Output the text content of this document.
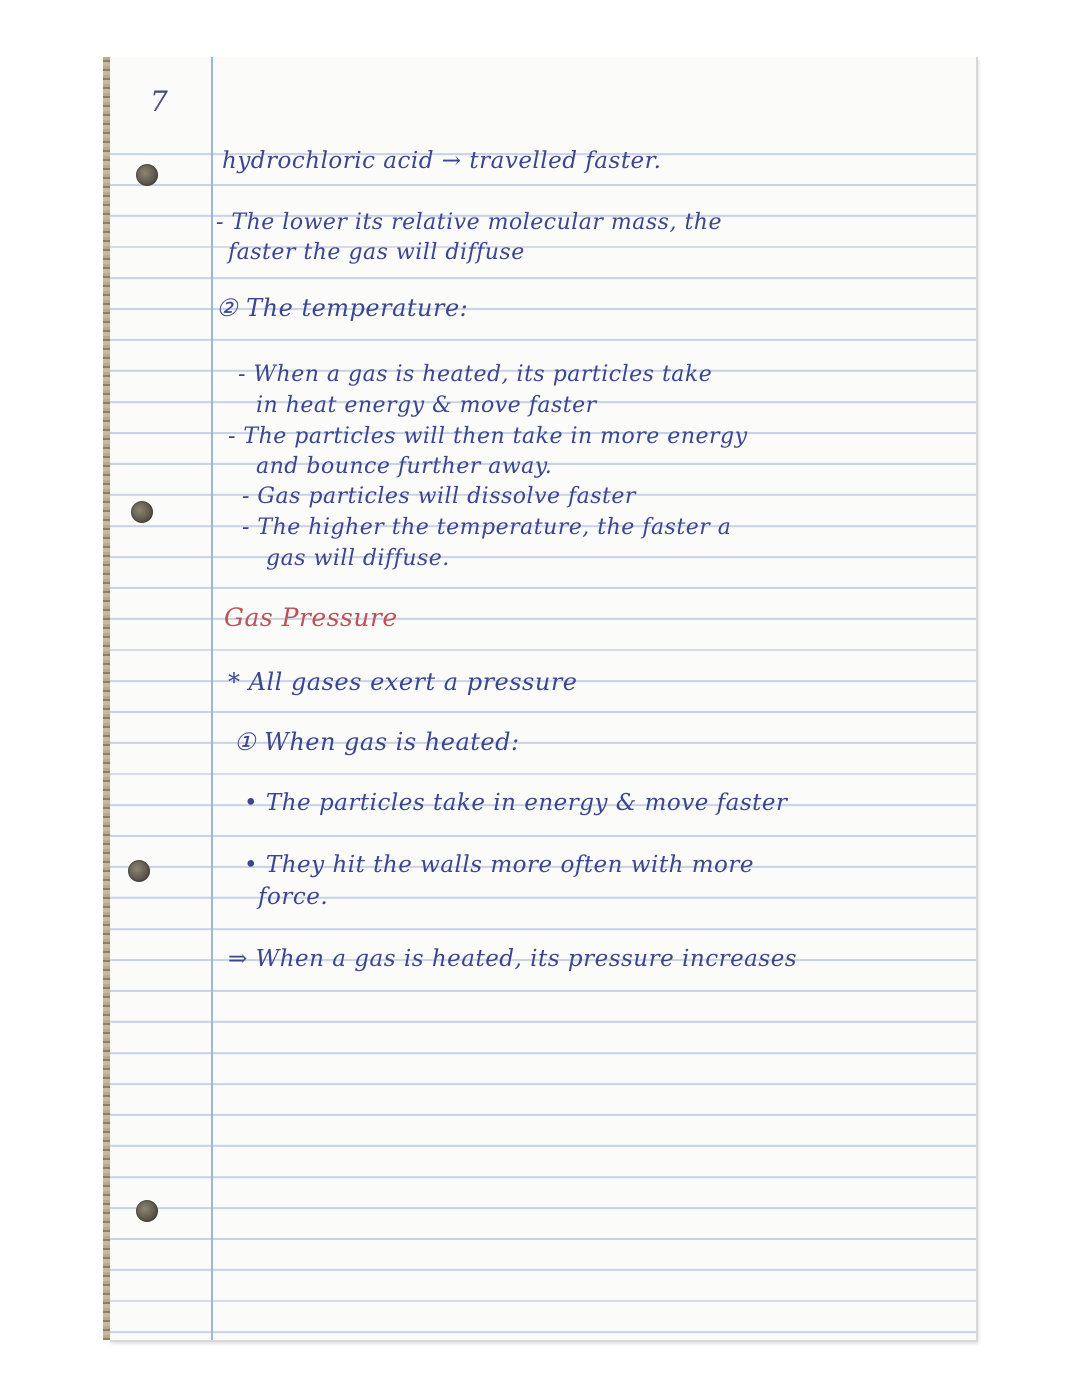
7
hydrochloric acid → travelled faster.
- The lower its relative molecular mass, the
faster the gas will diffuse
② The temperature:
- When a gas is heated, its particles take
in heat energy & move faster
- The particles will then take in more energy
and bounce further away.
- Gas particles will dissolve faster
- The higher the temperature, the faster a
gas will diffuse.
Gas Pressure
* All gases exert a pressure
① When gas is heated:
• The particles take in energy & move faster
• They hit the walls more often with more
force.
⇒ When a gas is heated, its pressure increases
